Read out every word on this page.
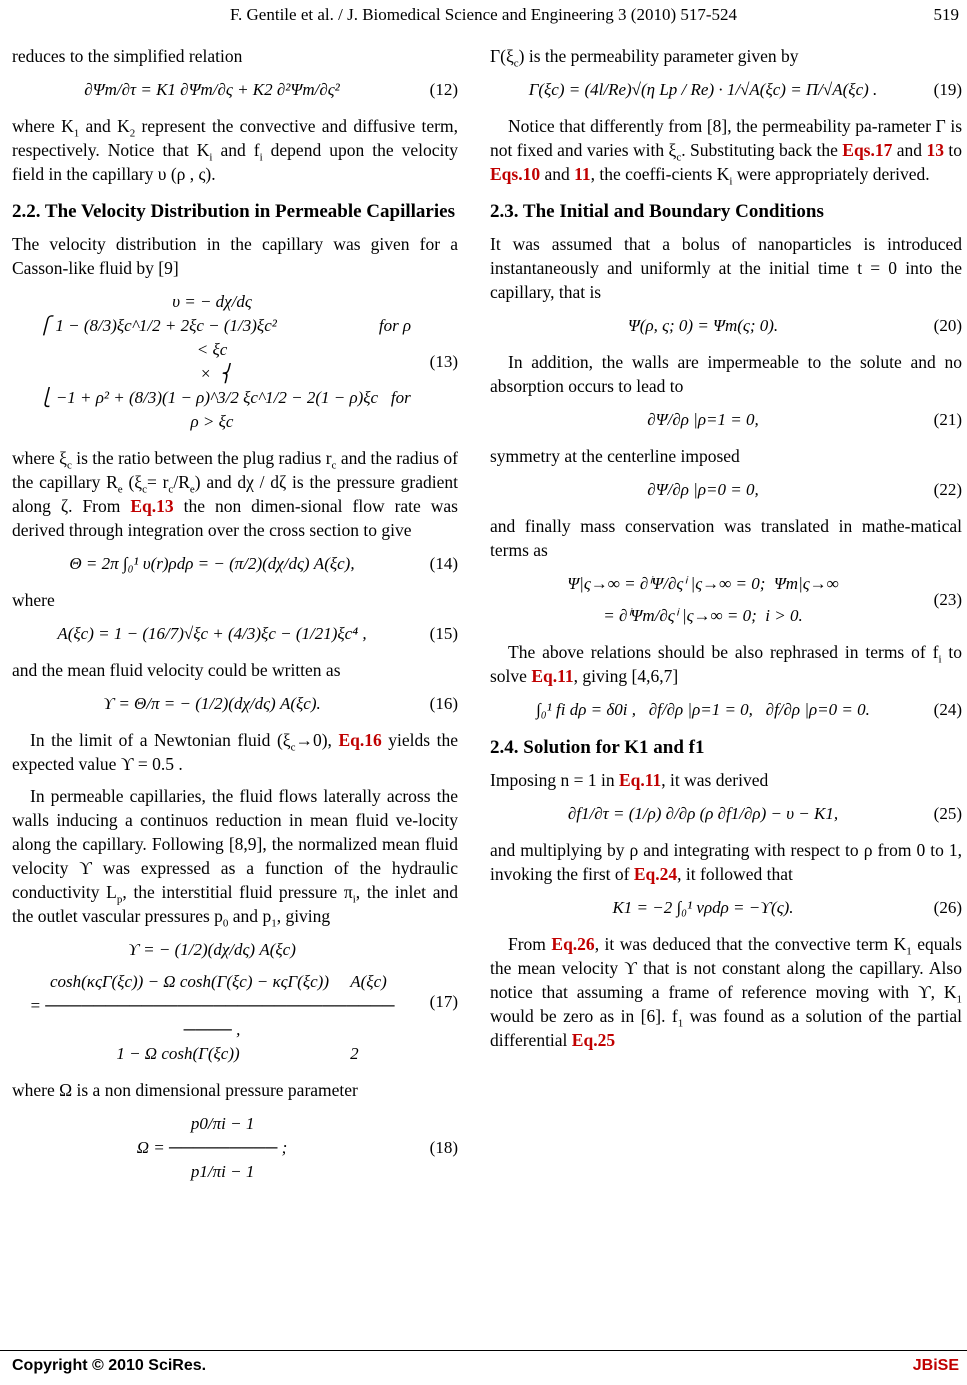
F. Gentile et al. / J. Biomedical Science and Engineering 3 (2010) 517-524	519
reduces to the simplified relation
∂Ψm/∂τ = K1 ∂Ψm/∂ς + K2 ∂²Ψm/∂ς²	(12)
where $K_1$ and $K_2$ represent the convective and diffusive term, respectively. Notice that $K_i$ and $f_i$ depend upon the velocity field in the capillary υ (ρ , ς).
2.2. The Velocity Distribution in Permeable Capillaries
The velocity distribution in the capillary was given for a Casson-like fluid by [9]
υ = − dχ/dς
⎧ 1 − (8/3)ξc^1/2 + 2ξc − (1/3)ξc²                        for ρ < ξc
×  ⎨
⎩ −1 + ρ² + (8/3)(1 − ρ)^3/2 ξc^1/2 − 2(1 − ρ)ξc   for ρ > ξc
(13)
where $\xi_c$ is the ratio between the plug radius $r_c$ and the radius of the capillary $R_e$ $(\xi_c= r_c/R_e)$ and dχ / dζ is the pressure gradient along ζ. From Eq.13 the non dimen-sional flow rate was derived through integration over the cross section to give
Θ = 2π ∫₀¹ υ(r)ρdρ = − (π/2)(dχ/dς) A(ξc),	(14)
where
A(ξc) = 1 − (16/7)√ξc + (4/3)ξc − (1/21)ξc⁴ ,	(15)
and the mean fluid velocity could be written as
ϒ = Θ/π = − (1/2)(dχ/dς) A(ξc).	(16)
In the limit of a Newtonian fluid $(\xi_c\to 0)$, Eq.16 yields the expected value ϒ = 0.5 .
In permeable capillaries, the fluid flows laterally across the walls inducing a continuos reduction in mean fluid ve-locity along the capillary. Following [8,9], the normalized mean fluid velocity ϒ was expressed as a function of the hydraulic conductivity $L_p$, the interstitial fluid pressure $\pi_i$, the inlet and the outlet vascular pressures $p_0$ and $p_1$, giving
ϒ = − (1/2)(dχ/dς) A(ξc)
cosh(κςΓ(ξc)) − Ω cosh(Γ(ξc) − κςΓ(ξc))     A(ξc)
= ─────────────────────────────  ──── ,
1 − Ω cosh(Γ(ξc))                          2
(17)
where Ω is a non dimensional pressure parameter
p0/πi − 1
Ω = ───────── ;
p1/πi − 1
(18)
$\Gamma(\xi_c)$ is the permeability parameter given by
Γ(ξc) = (4l/Re)√(η Lp / Re) · 1/√A(ξc) = Π/√A(ξc) .	(19)
Notice that differently from [8], the permeability pa-rameter Γ is not fixed and varies with $\xi_c$. Substituting back the Eqs.17 and 13 to Eqs.10 and 11, the coeffi-cients $K_i$ were appropriately derived.
2.3. The Initial and Boundary Conditions
It was assumed that a bolus of nanoparticles is introduced instantaneously and uniformly at the initial time t = 0 into the capillary, that is
Ψ(ρ, ς; 0) = Ψm(ς; 0).	(20)
In addition, the walls are impermeable to the solute and no absorption occurs to lead to
∂Ψ/∂ρ |ρ=1 = 0,	(21)
symmetry at the centerline imposed
∂Ψ/∂ρ |ρ=0 = 0,	(22)
and finally mass conservation was translated in mathe-matical terms as
Ψ|ς→∞ = ∂ⁱΨ/∂ςⁱ |ς→∞ = 0;  Ψm|ς→∞
= ∂ⁱΨm/∂ςⁱ |ς→∞ = 0;  i > 0.
(23)
The above relations should be also rephrased in terms of $f_i$ to solve Eq.11, giving [4,6,7]
∫₀¹ fi dρ = δ0i ,   ∂f/∂ρ |ρ=1 = 0,   ∂f/∂ρ |ρ=0 = 0.	(24)
2.4. Solution for K1 and f1
Imposing n = 1 in Eq.11, it was derived
∂f1/∂τ = (1/ρ) ∂/∂ρ (ρ ∂f1/∂ρ) − υ − K1,	(25)
and multiplying by ρ and integrating with respect to ρ from 0 to 1, invoking the first of Eq.24, it followed that
K1 = −2 ∫₀¹ vρdρ = −ϒ(ς).	(26)
From Eq.26, it was deduced that the convective term $K_1$ equals the mean velocity ϒ that is not constant along the capillary. Also notice that assuming a frame of reference moving with ϒ, $K_1$ would be zero as in [6]. $f_1$ was found as a solution of the partial differential Eq.25
Copyright © 2010 SciRes.	JBiSE
